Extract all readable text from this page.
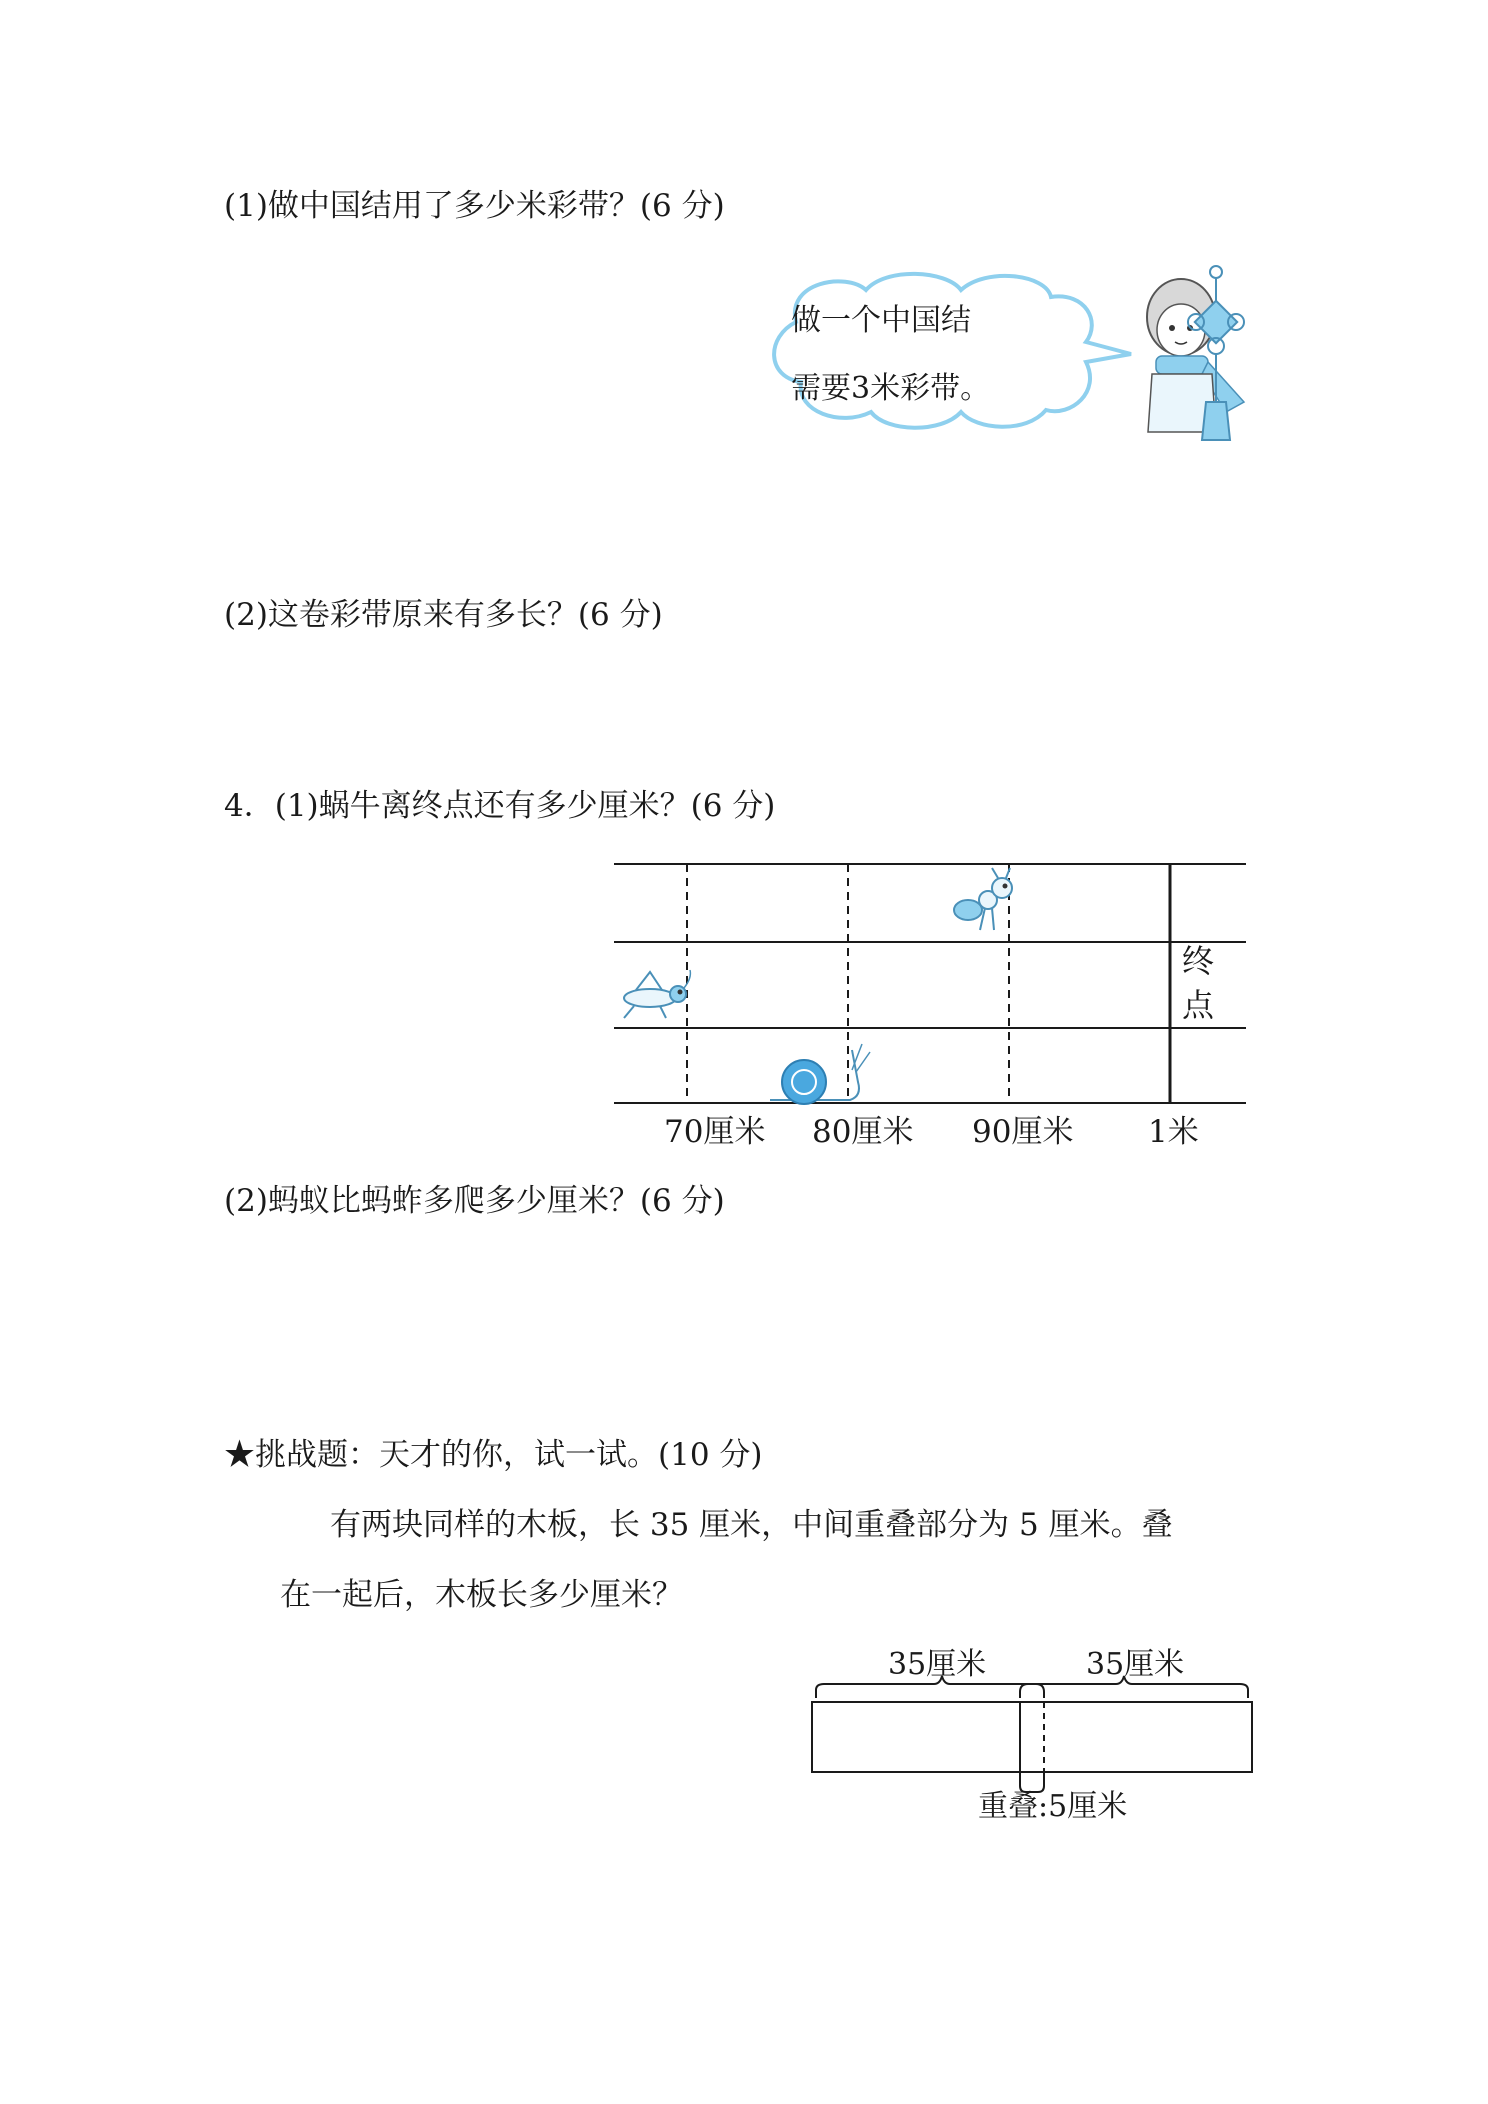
(1)做中国结用了多少米彩带？(6 分)
做一个中国结
需要3米彩带。
(2)这卷彩带原来有多长？(6 分)
4．(1)蜗牛离终点还有多少厘米？(6 分)
终
点
70厘米 80厘米 90厘米 1米
(2)蚂蚁比蚂蚱多爬多少厘米？(6 分)
★挑战题：天才的你，试一试。(10 分)
有两块同样的木板，长 35 厘米，中间重叠部分为 5 厘米。叠
在一起后，木板长多少厘米？
35厘米	35厘米
重叠:5厘米
